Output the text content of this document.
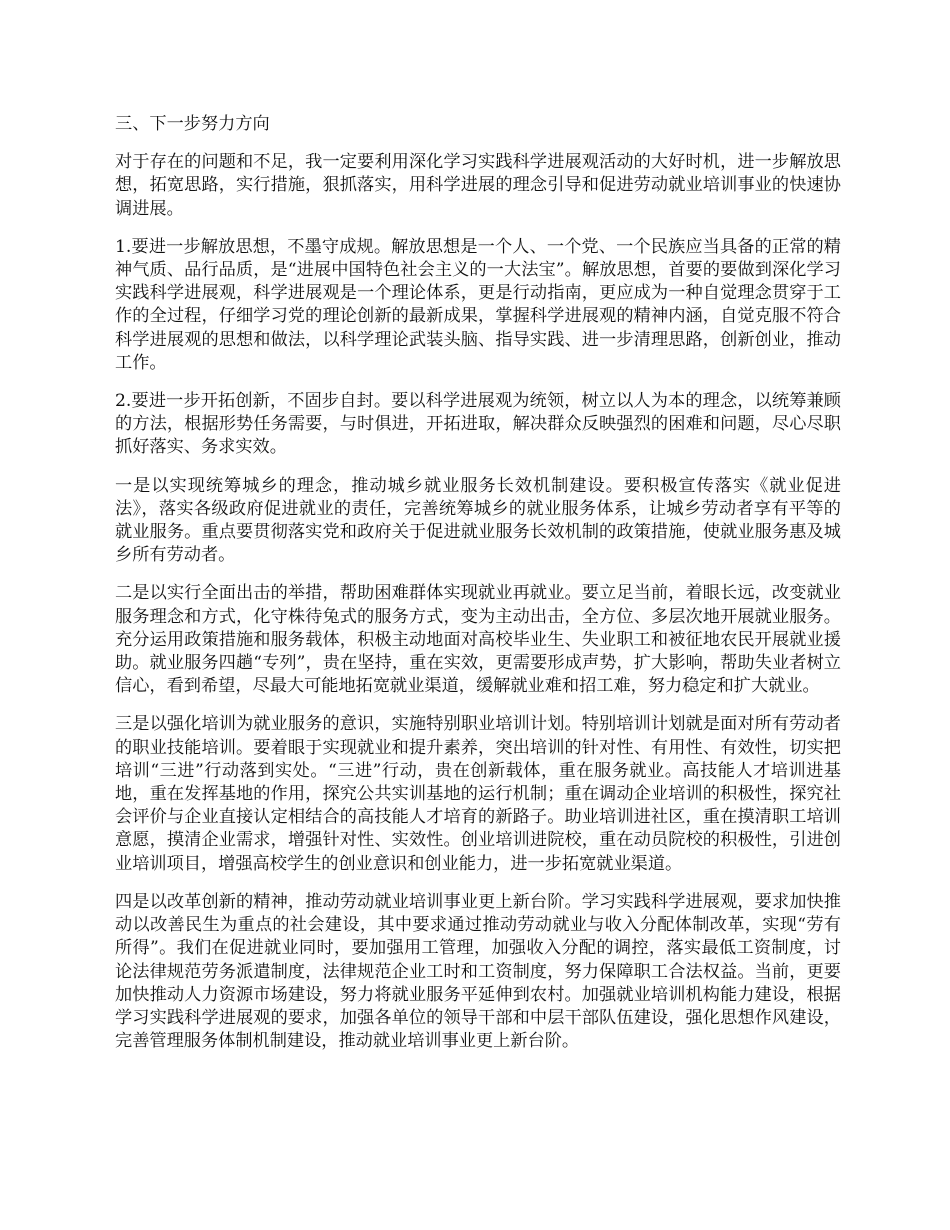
三、下一步努力方向

对于存在的问题和不足，我一定要利用深化学习实践科学进展观活动的大好时机，进一步解放思想，拓宽思路，实行措施，狠抓落实，用科学进展的理念引导和促进劳动就业培训事业的快速协调进展。

1.要进一步解放思想，不墨守成规。解放思想是一个人、一个党、一个民族应当具备的正常的精神气质、品行品质，是“进展中国特色社会主义的一大法宝”。解放思想，首要的要做到深化学习实践科学进展观，科学进展观是一个理论体系，更是行动指南，更应成为一种自觉理念贯穿于工作的全过程，仔细学习党的理论创新的最新成果，掌握科学进展观的精神内涵，自觉克服不符合科学进展观的思想和做法，以科学理论武装头脑、指导实践、进一步清理思路，创新创业，推动工作。

2.要进一步开拓创新，不固步自封。要以科学进展观为统领，树立以人为本的理念，以统筹兼顾的方法，根据形势任务需要，与时俱进，开拓进取，解决群众反映强烈的困难和问题，尽心尽职抓好落实、务求实效。

一是以实现统筹城乡的理念，推动城乡就业服务长效机制建设。要积极宣传落实《就业促进法》，落实各级政府促进就业的责任，完善统筹城乡的就业服务体系，让城乡劳动者享有平等的就业服务。重点要贯彻落实党和政府关于促进就业服务长效机制的政策措施，使就业服务惠及城乡所有劳动者。

二是以实行全面出击的举措，帮助困难群体实现就业再就业。要立足当前，着眼长远，改变就业服务理念和方式，化守株待兔式的服务方式，变为主动出击，全方位、多层次地开展就业服务。充分运用政策措施和服务载体，积极主动地面对高校毕业生、失业职工和被征地农民开展就业援助。就业服务四趟“专列”，贵在坚持，重在实效，更需要形成声势，扩大影响，帮助失业者树立信心，看到希望，尽最大可能地拓宽就业渠道，缓解就业难和招工难，努力稳定和扩大就业。

三是以强化培训为就业服务的意识，实施特别职业培训计划。特别培训计划就是面对所有劳动者的职业技能培训。要着眼于实现就业和提升素养，突出培训的针对性、有用性、有效性，切实把培训“三进”行动落到实处。“三进”行动，贵在创新载体，重在服务就业。高技能人才培训进基地，重在发挥基地的作用，探究公共实训基地的运行机制；重在调动企业培训的积极性，探究社会评价与企业直接认定相结合的高技能人才培育的新路子。助业培训进社区，重在摸清职工培训意愿，摸清企业需求，增强针对性、实效性。创业培训进院校，重在动员院校的积极性，引进创业培训项目，增强高校学生的创业意识和创业能力，进一步拓宽就业渠道。

四是以改革创新的精神，推动劳动就业培训事业更上新台阶。学习实践科学进展观，要求加快推动以改善民生为重点的社会建设，其中要求通过推动劳动就业与收入分配体制改革，实现“劳有所得”。我们在促进就业同时，要加强用工管理，加强收入分配的调控，落实最低工资制度，讨论法律规范劳务派遣制度，法律规范企业工时和工资制度，努力保障职工合法权益。当前，更要加快推动人力资源市场建设，努力将就业服务平延伸到农村。加强就业培训机构能力建设，根据学习实践科学进展观的要求，加强各单位的领导干部和中层干部队伍建设，强化思想作风建设，完善管理服务体制机制建设，推动就业培训事业更上新台阶。
